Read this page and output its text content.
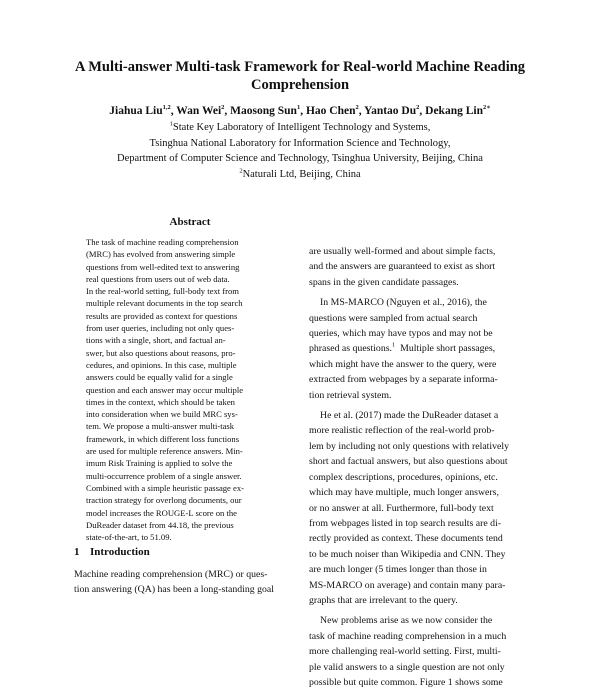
A Multi-answer Multi-task Framework for Real-world Machine Reading
Comprehension
Jiahua Liu$^{1,2}$, Wan Wei$^2$, Maosong Sun$^1$, Hao Chen$^2$, Yantao Du$^2$, Dekang Lin$^{2∗}$
$^1$State Key Laboratory of Intelligent Technology and Systems,
Tsinghua National Laboratory for Information Science and Technology,
Department of Computer Science and Technology, Tsinghua University, Beijing, China
$^2$Naturali Ltd, Beijing, China
Abstract
The task of machine reading comprehension
(MRC) has evolved from answering simple
questions from well-edited text to answering
real questions from users out of web data.
In the real-world setting, full-body text from
multiple relevant documents in the top search
results are provided as context for questions
from user queries, including not only ques-
tions with a single, short, and factual an-
swer, but also questions about reasons, pro-
cedures, and opinions. In this case, multiple
answers could be equally valid for a single
question and each answer may occur multiple
times in the context, which should be taken
into consideration when we build MRC sys-
tem. We propose a multi-answer multi-task
framework, in which different loss functions
are used for multiple reference answers. Min-
imum Risk Training is applied to solve the
multi-occurrence problem of a single answer.
Combined with a simple heuristic passage ex-
traction strategy for overlong documents, our
model increases the ROUGE-L score on the
DuReader dataset from 44.18, the previous
state-of-the-art, to 51.09.
1 Introduction
Machine reading comprehension (MRC) or ques-
tion answering (QA) has been a long-standing goal
are usually well-formed and about simple facts,
and the answers are guaranteed to exist as short
spans in the given candidate passages.
In MS-MARCO (Nguyen et al., 2016), the
questions were sampled from actual search
queries, which may have typos and may not be
phrased as questions.$^1$ Multiple short passages,
which might have the answer to the query, were
extracted from webpages by a separate informa-
tion retrieval system.
He et al. (2017) made the DuReader dataset a
more realistic reflection of the real-world prob-
lem by including not only questions with relatively
short and factual answers, but also questions about
complex descriptions, procedures, opinions, etc.
which may have multiple, much longer answers,
or no answer at all. Furthermore, full-body text
from webpages listed in top search results are di-
rectly provided as context. These documents tend
to be much noiser than Wikipedia and CNN. They
are much longer (5 times longer than those in
MS-MARCO on average) and contain many para-
graphs that are irrelevant to the query.
New problems arise as we now consider the
task of machine reading comprehension in a much
more challenging real-world setting. First, multi-
ple valid answers to a single question are not only
possible but quite common. Figure 1 shows some
